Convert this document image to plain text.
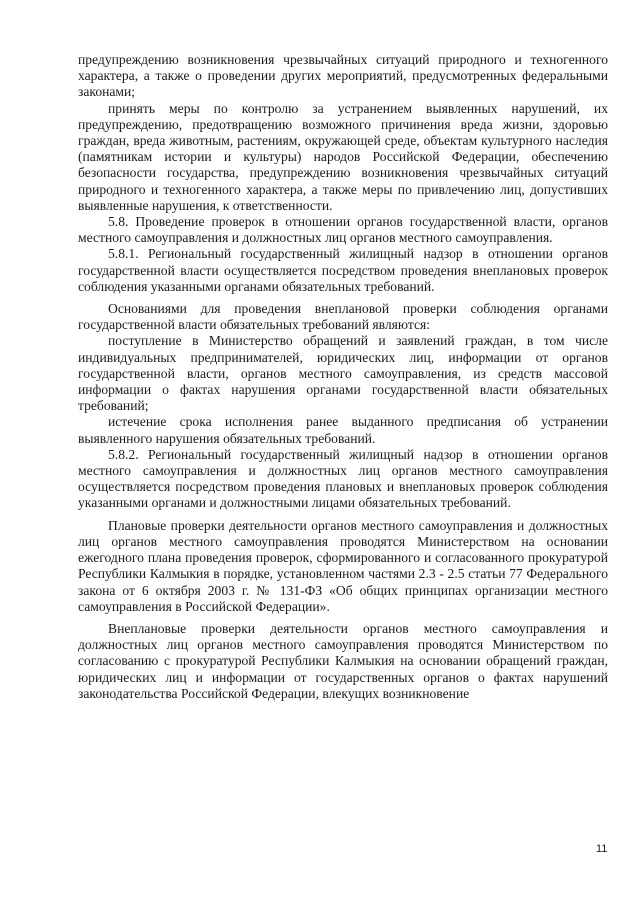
предупреждению возникновения чрезвычайных ситуаций природного и техногенного характера, а также о проведении других мероприятий, предусмотренных федеральными законами;

принять меры по контролю за устранением выявленных нарушений, их предупреждению, предотвращению возможного причинения вреда жизни, здоровью граждан, вреда животным, растениям, окружающей среде, объектам культурного наследия (памятникам истории и культуры) народов Российской Федерации, обеспечению безопасности государства, предупреждению возникновения чрезвычайных ситуаций природного и техногенного характера, а также меры по привлечению лиц, допустивших выявленные нарушения, к ответственности.

5.8. Проведение проверок в отношении органов государственной власти, органов местного самоуправления и должностных лиц органов местного самоуправления.

5.8.1. Региональный государственный жилищный надзор в отношении органов государственной власти осуществляется посредством проведения внеплановых проверок соблюдения указанными органами обязательных требований.

Основаниями для проведения внеплановой проверки соблюдения органами государственной власти обязательных требований являются:

поступление в Министерство обращений и заявлений граждан, в том числе индивидуальных предпринимателей, юридических лиц, информации от органов государственной власти, органов местного самоуправления, из средств массовой информации о фактах нарушения органами государственной власти обязательных требований;

истечение срока исполнения ранее выданного предписания об устранении выявленного нарушения обязательных требований.

5.8.2. Региональный государственный жилищный надзор в отношении органов местного самоуправления и должностных лиц органов местного самоуправления осуществляется посредством проведения плановых и внеплановых проверок соблюдения указанными органами и должностными лицами обязательных требований.

Плановые проверки деятельности органов местного самоуправления и должностных лиц органов местного самоуправления проводятся Министерством на основании ежегодного плана проведения проверок, сформированного и согласованного прокуратурой Республики Калмыкия в порядке, установленном частями 2.3 - 2.5 статьи 77 Федерального закона от 6 октября 2003 г. № 131-ФЗ «Об общих принципах организации местного самоуправления в Российской Федерации».

Внеплановые проверки деятельности органов местного самоуправления и должностных лиц органов местного самоуправления проводятся Министерством по согласованию с прокуратурой Республики Калмыкия на основании обращений граждан, юридических лиц и информации от государственных органов о фактах нарушений законодательства Российской Федерации, влекущих возникновение

11
